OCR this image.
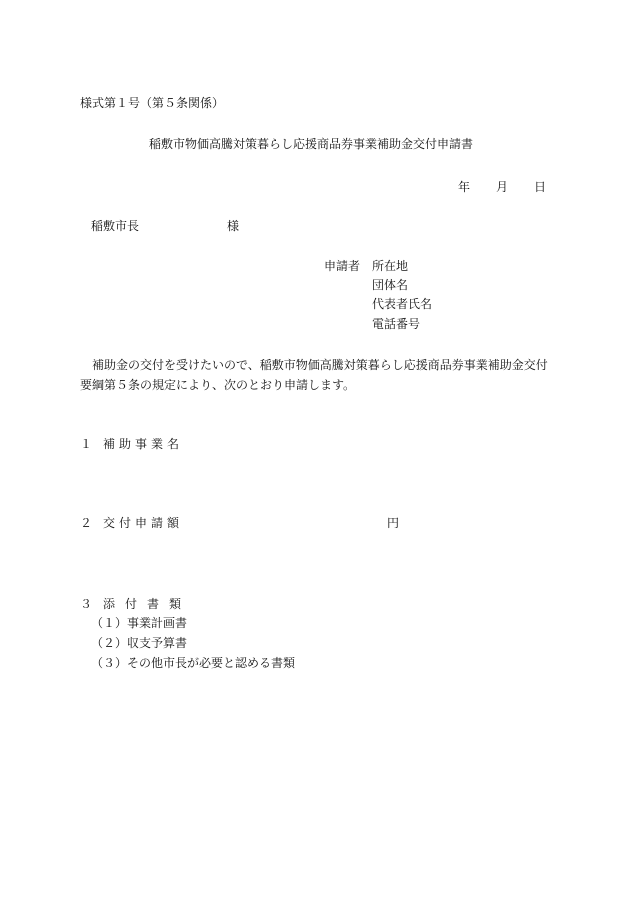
様式第１号（第５条関係）
稲敷市物価高騰対策暮らし応援商品券事業補助金交付申請書
年 月 日
稲敷市長	様
申請者 所在地
団体名
代表者氏名
電話番号
補助金の交付を受けたいので、稲敷市物価高騰対策暮らし応援商品券事業補助金交付
要綱第５条の規定により、次のとおり申請します。
１ 補助事業名
２ 交付申請額	円
３ 添付書類
（１）事業計画書
（２）収支予算書
（３）その他市長が必要と認める書類
